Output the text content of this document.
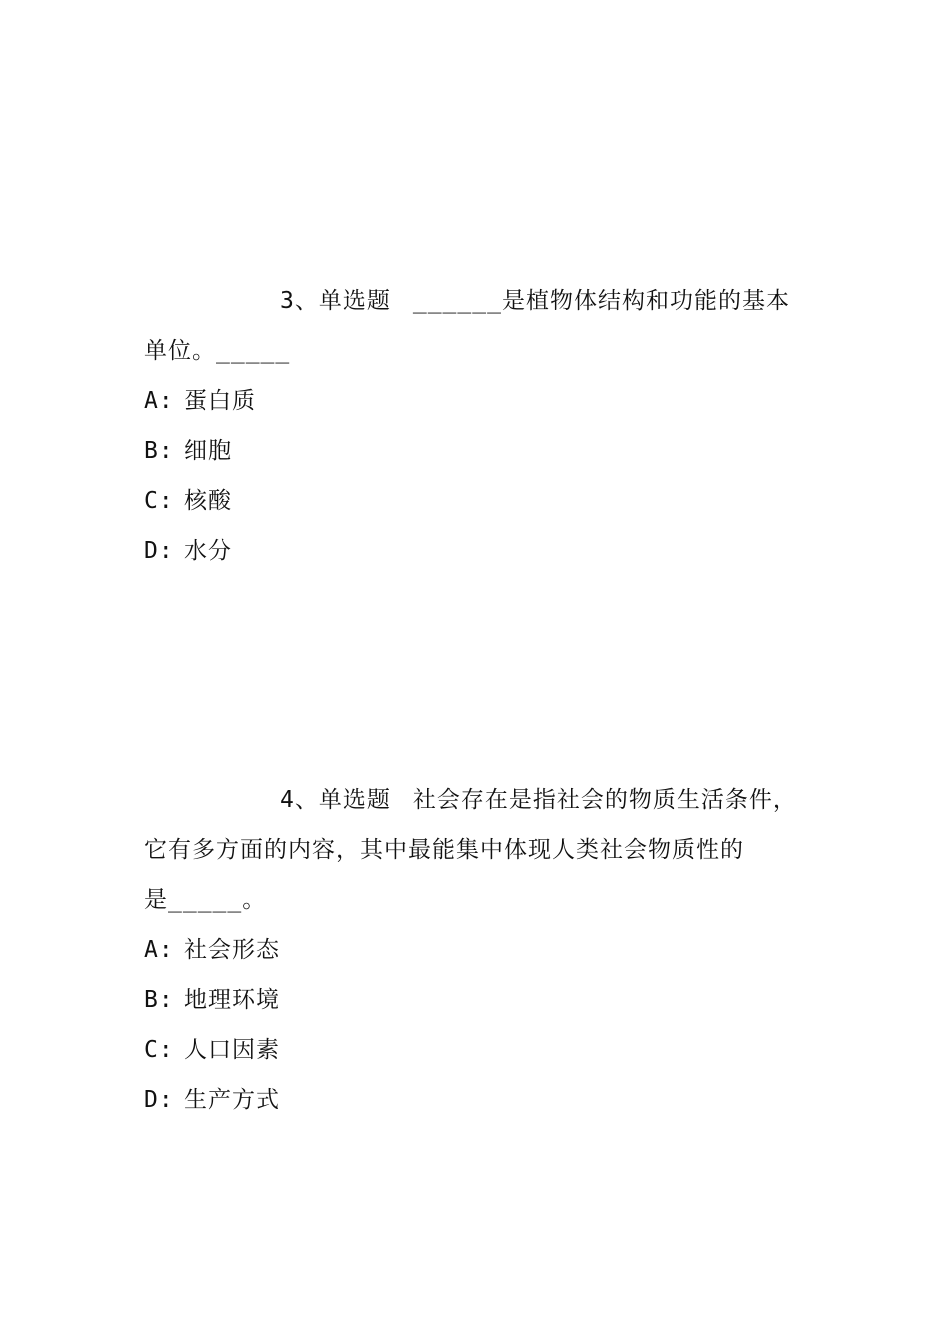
3、单选题 ______是植物体结构和功能的基本
单位。_____
A: 蛋白质
B: 细胞
C: 核酸
D: 水分
4、单选题 社会存在是指社会的物质生活条件，
它有多方面的内容，其中最能集中体现人类社会物质性的
是_____。
A: 社会形态
B: 地理环境
C: 人口因素
D: 生产方式
